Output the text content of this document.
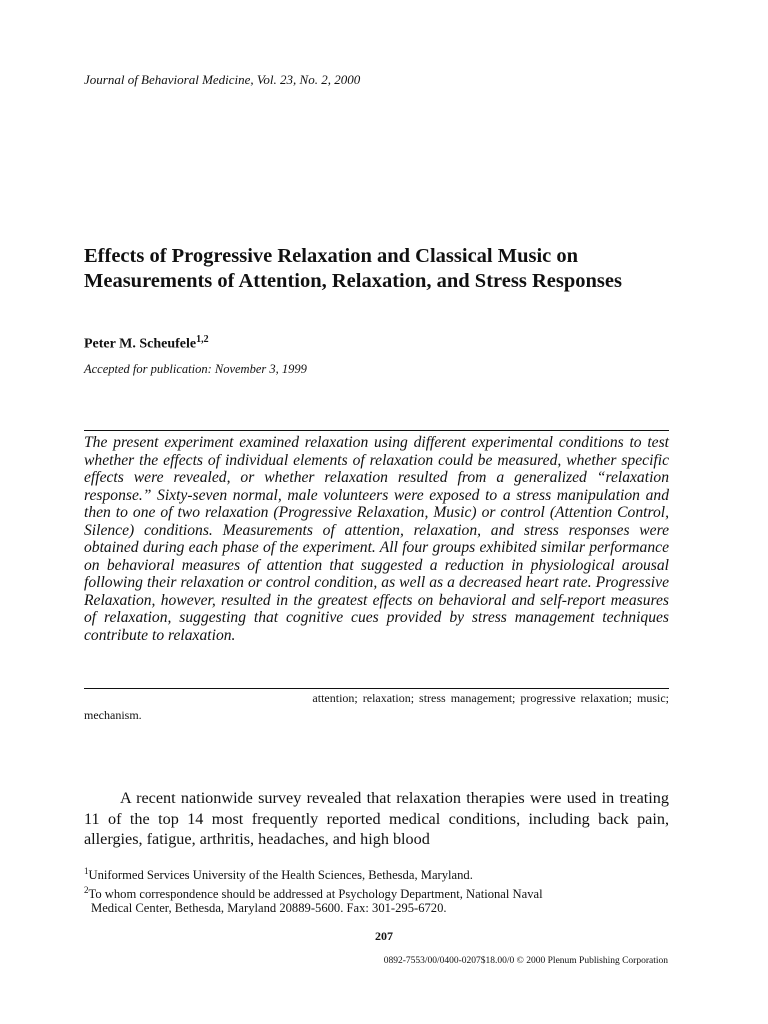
Journal of Behavioral Medicine, Vol. 23, No. 2, 2000
Effects of Progressive Relaxation and Classical Music on Measurements of Attention, Relaxation, and Stress Responses
Peter M. Scheufele$^{1,2}$
Accepted for publication: November 3, 1999
The present experiment examined relaxation using different experimental conditions to test whether the effects of individual elements of relaxation could be measured, whether specific effects were revealed, or whether relaxation resulted from a generalized “relaxation response.” Sixty-seven normal, male volunteers were exposed to a stress manipulation and then to one of two relaxation (Progressive Relaxation, Music) or control (Attention Control, Silence) conditions. Measurements of attention, relaxation, and stress responses were obtained during each phase of the experiment. All four groups exhibited similar performance on behavioral measures of attention that suggested a reduction in physiological arousal following their relaxation or control condition, as well as a decreased heart rate. Progressive Relaxation, however, resulted in the greatest effects on behavioral and self-report measures of relaxation, suggesting that cognitive cues provided by stress management techniques contribute to relaxation.
attention; relaxation; stress management; progressive relaxation; music;
mechanism.
A recent nationwide survey revealed that relaxation therapies were used in treating 11 of the top 14 most frequently reported medical conditions, including back pain, allergies, fatigue, arthritis, headaches, and high blood
$^1$Uniformed Services University of the Health Sciences, Bethesda, Maryland.
$^2$To whom correspondence should be addressed at Psychology Department, National Naval
Medical Center, Bethesda, Maryland 20889-5600. Fax: 301-295-6720.
207
0892-7553/00/0400-0207$18.00/0 © 2000 Plenum Publishing Corporation
